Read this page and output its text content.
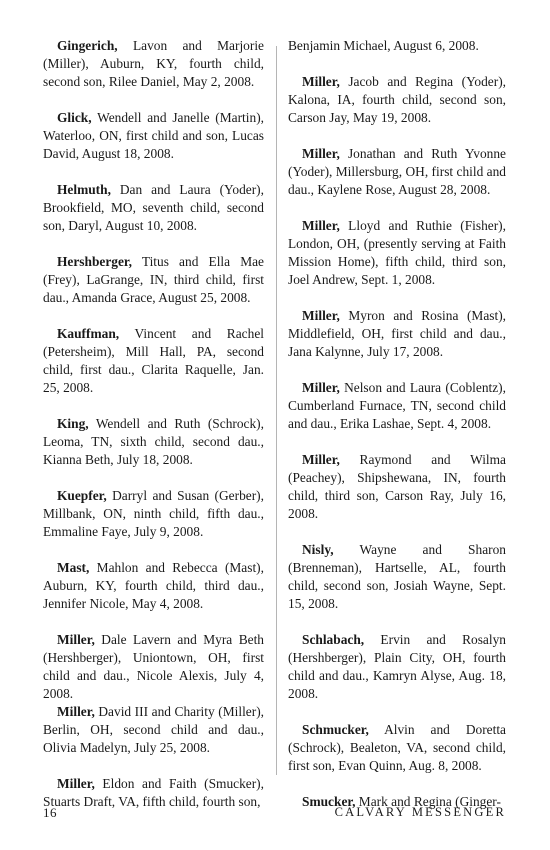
Gingerich, Lavon and Marjorie (Miller), Auburn, KY, fourth child, second son, Rilee Daniel, May 2, 2008.

Glick, Wendell and Janelle (Martin), Waterloo, ON, first child and son, Lucas David, August 18, 2008.

Helmuth, Dan and Laura (Yoder), Brookfield, MO, seventh child, second son, Daryl, August 10, 2008.

Hershberger, Titus and Ella Mae (Frey), LaGrange, IN, third child, first dau., Amanda Grace, August 25, 2008.

Kauffman, Vincent and Rachel (Petersheim), Mill Hall, PA, second child, first dau., Clarita Raquelle, Jan. 25, 2008.

King, Wendell and Ruth (Schrock), Leoma, TN, sixth child, second dau., Kianna Beth, July 18, 2008.

Kuepfer, Darryl and Susan (Gerber), Millbank, ON, ninth child, fifth dau., Emmaline Faye, July 9, 2008.

Mast, Mahlon and Rebecca (Mast), Auburn, KY, fourth child, third dau., Jennifer Nicole, May 4, 2008.

Miller, Dale Lavern and Myra Beth (Hershberger), Uniontown, OH, first child and dau., Nicole Alexis, July 4, 2008.

Miller, David III and Charity (Miller), Berlin, OH, second child and dau., Olivia Madelyn, July 25, 2008.

Miller, Eldon and Faith (Smucker), Stuarts Draft, VA, fifth child, fourth son,

Benjamin Michael, August 6, 2008.

Miller, Jacob and Regina (Yoder), Kalona, IA, fourth child, second son, Carson Jay, May 19, 2008.

Miller, Jonathan and Ruth Yvonne (Yoder), Millersburg, OH, first child and dau., Kaylene Rose, August 28, 2008.

Miller, Lloyd and Ruthie (Fisher), London, OH, (presently serving at Faith Mission Home), fifth child, third son, Joel Andrew, Sept. 1, 2008.

Miller, Myron and Rosina (Mast), Middlefield, OH, first child and dau., Jana Kalynne, July 17, 2008.

Miller, Nelson and Laura (Coblentz), Cumberland Furnace, TN, second child and dau., Erika Lashae, Sept. 4, 2008.

Miller, Raymond and Wilma (Peachey), Shipshewana, IN, fourth child, third son, Carson Ray, July 16, 2008.

Nisly, Wayne and Sharon (Brenneman), Hartselle, AL, fourth child, second son, Josiah Wayne, Sept. 15, 2008.

Schlabach, Ervin and Rosalyn (Hershberger), Plain City, OH, fourth child and dau., Kamryn Alyse, Aug. 18, 2008.

Schmucker, Alvin and Doretta (Schrock), Bealeton, VA, second child, first son, Evan Quinn, Aug. 8, 2008.

Smucker, Mark and Regina (Ginger-

16	CALVARY MESSENGER
